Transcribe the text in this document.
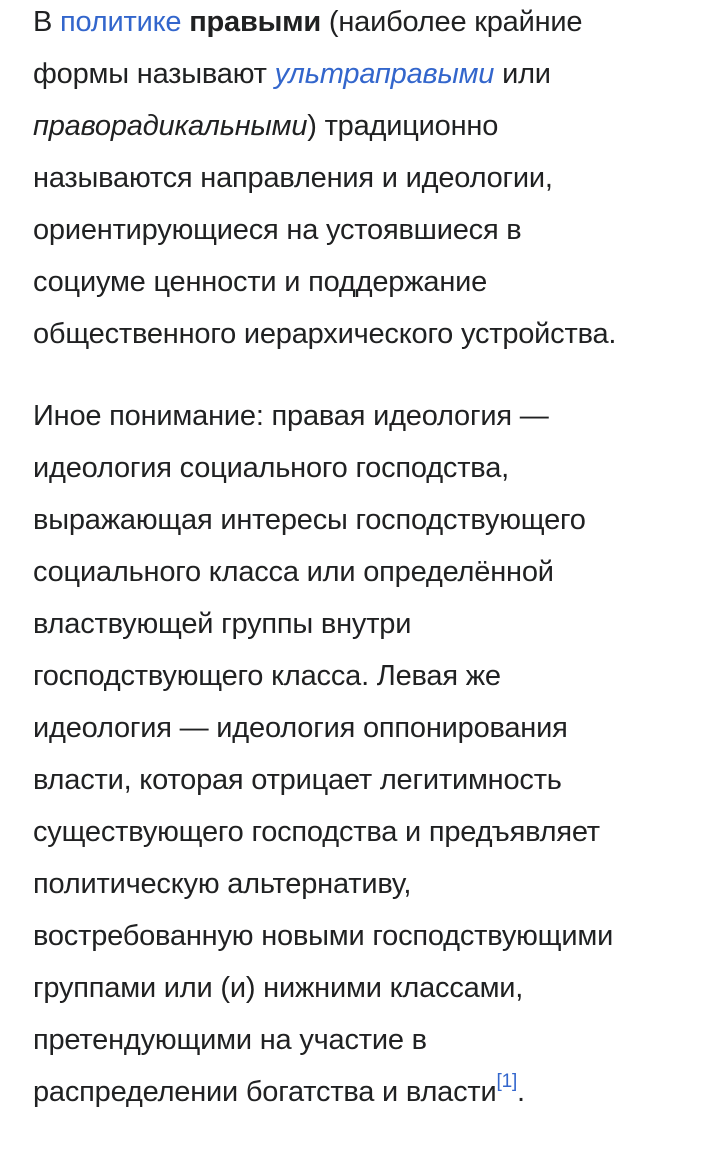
В политике правыми (наиболее крайние
формы называют ультраправыми или
праворадикальными) традиционно
называются направления и идеологии,
ориентирующиеся на устоявшиеся в
социуме ценности и поддержание
общественного иерархического устройства.

Иное понимание: правая идеология —
идеология социального господства,
выражающая интересы господствующего
социального класса или определённой
властвующей группы внутри
господствующего класса. Левая же
идеология — идеология оппонирования
власти, которая отрицает легитимность
существующего господства и предъявляет
политическую альтернативу,
востребованную новыми господствующими
группами или (и) нижними классами,
претендующими на участие в
распределении богатства и власти[1].
